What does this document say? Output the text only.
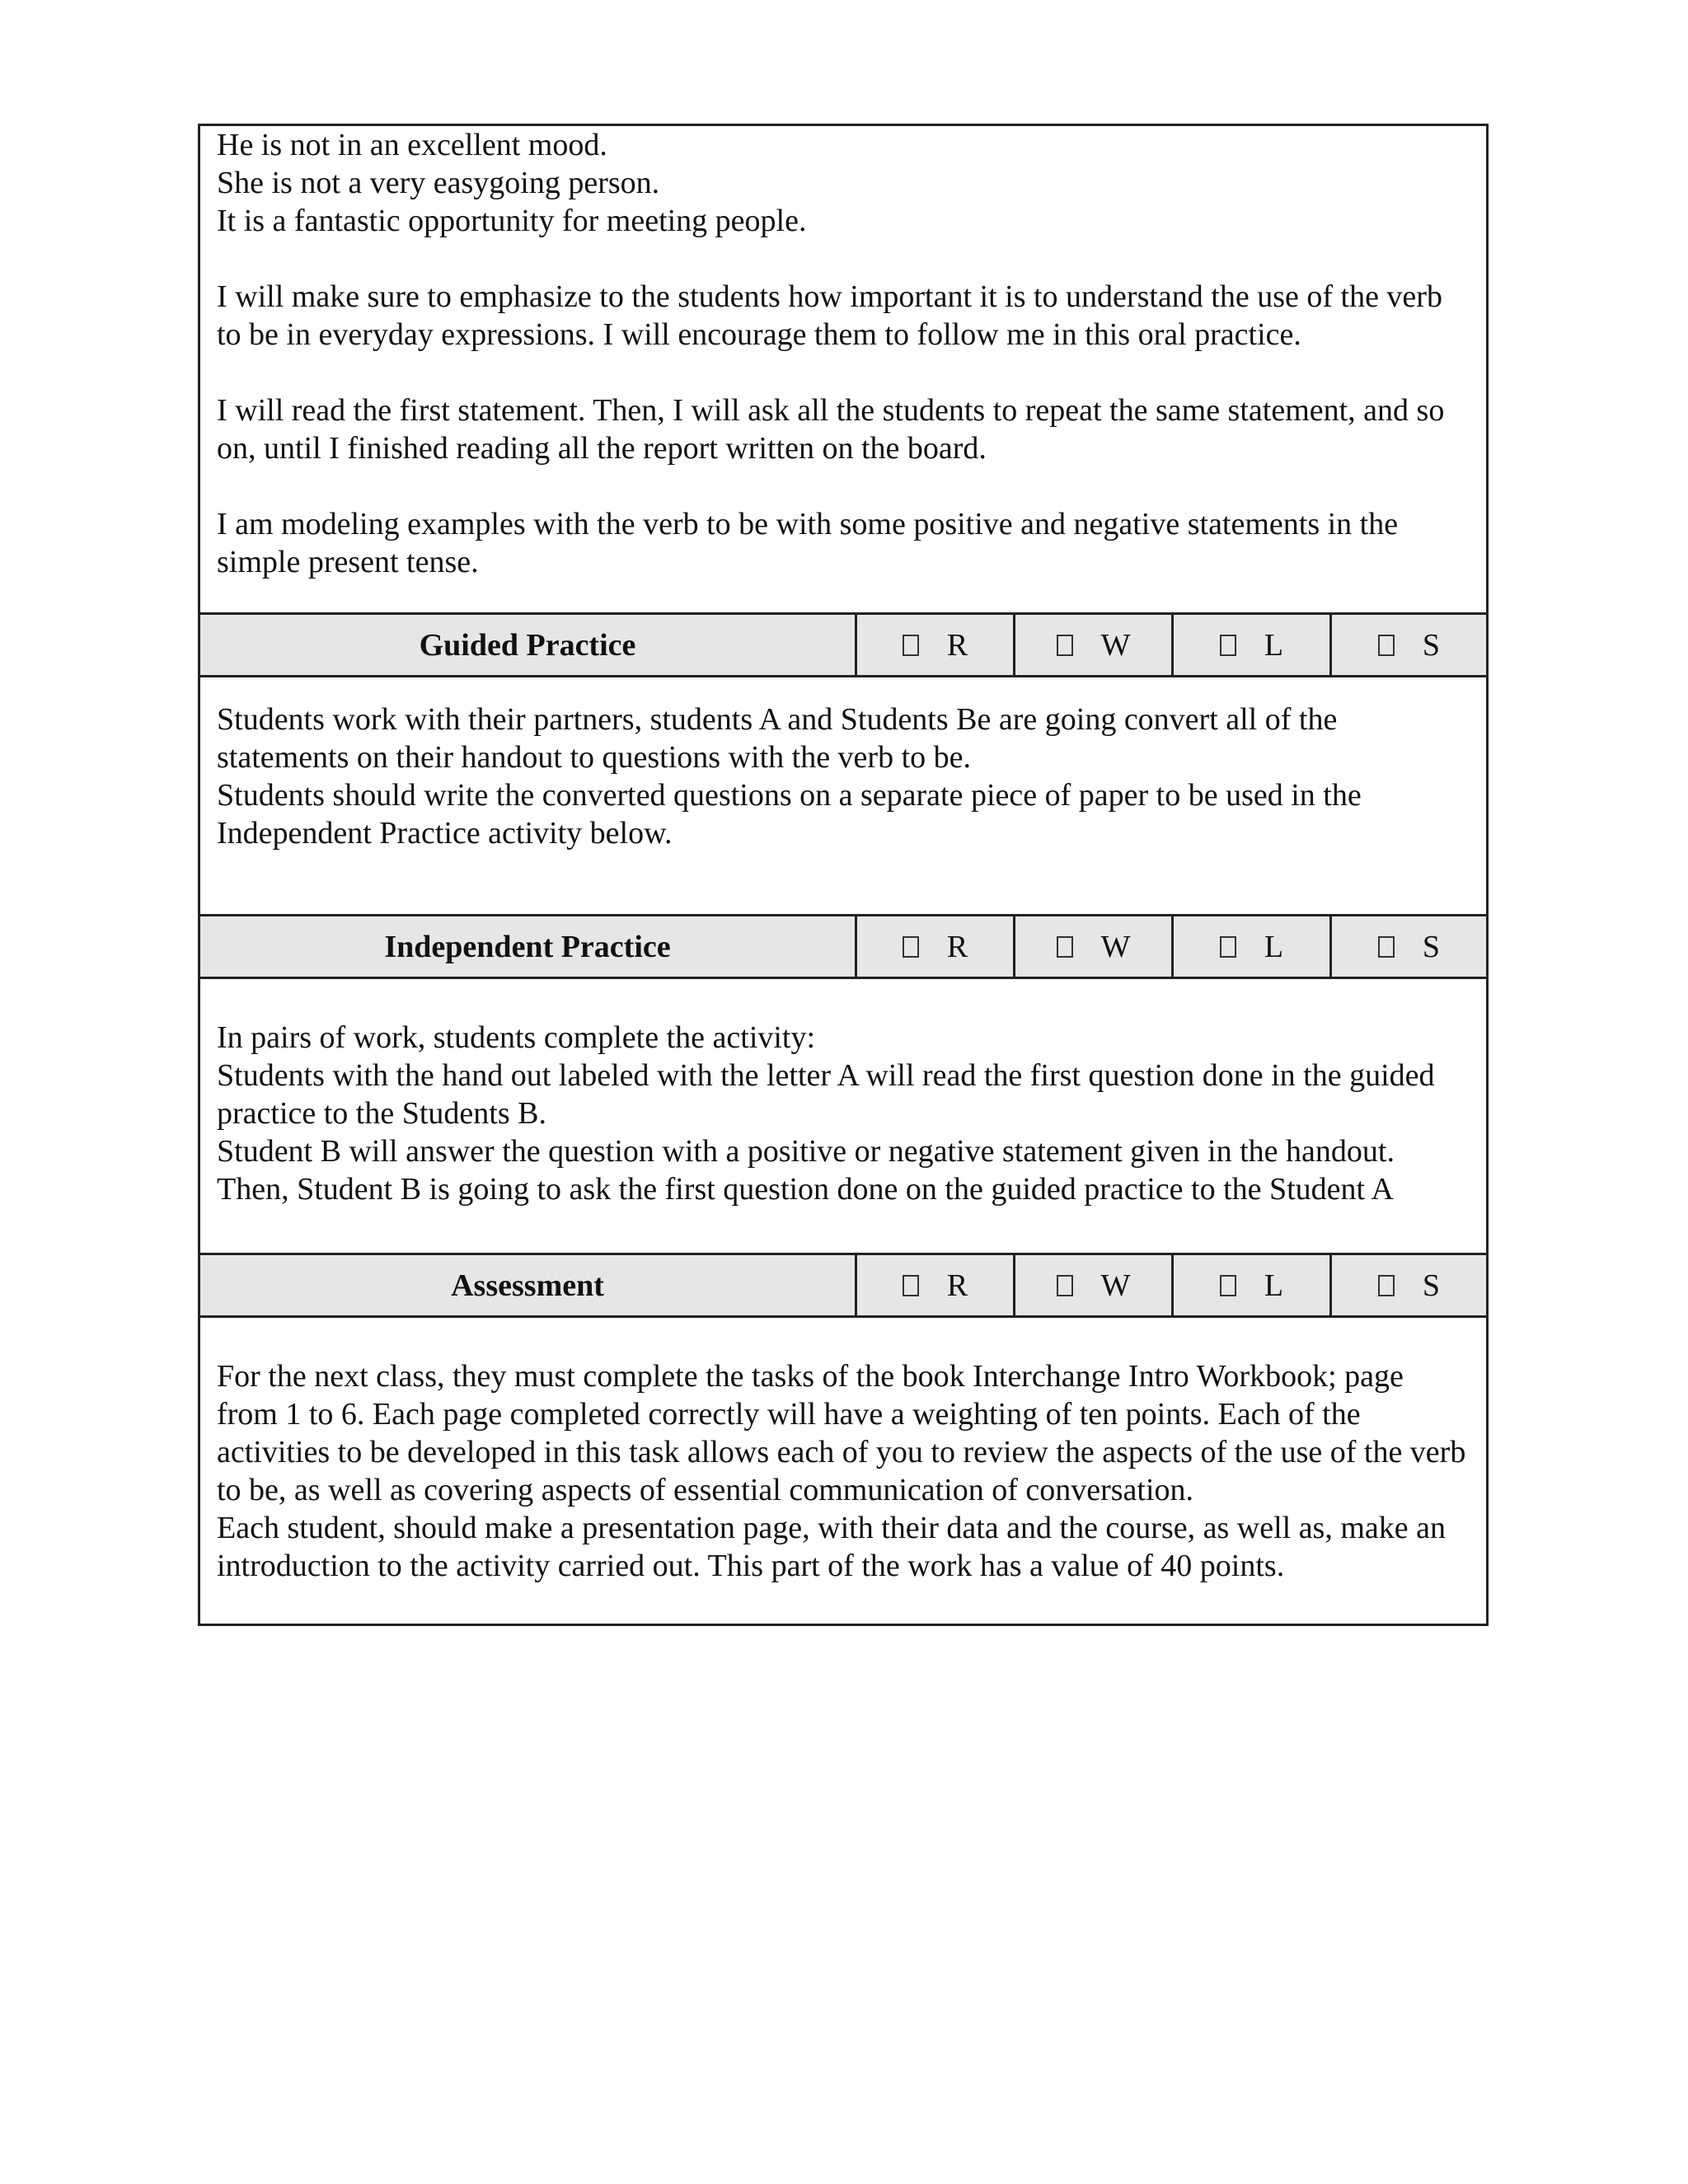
He is not in an excellent mood.
She is not a very easygoing person.
It is a fantastic opportunity for meeting people.

I will make sure to emphasize to the students how important it is to understand the use of the verb to be in everyday expressions. I will encourage them to follow me in this oral practice.

I will read the first statement. Then, I will ask all the students to repeat the same statement, and so on, until I finished reading all the report written on the board.

I am modeling examples with the verb to be with some positive and negative statements in the simple present tense.

Guided Practice	R	W	L	S

Students work with their partners, students A and Students Be are going convert all of the statements on their handout to questions with the verb to be.

Students should write the converted questions on a separate piece of paper to be used in the Independent Practice activity below.

Independent Practice	R	W	L	S

In pairs of work, students complete the activity:

Students with the hand out labeled with the letter A will read the first question done in the guided practice to the Students B.

Student B will answer the question with a positive or negative statement given in the handout.

Then, Student B is going to ask the first question done on the guided practice to the Student A

Assessment	R	W	L	S

For the next class, they must complete the tasks of the book Interchange Intro Workbook; page from 1 to 6. Each page completed correctly will have a weighting of ten points. Each of the activities to be developed in this task allows each of you to review the aspects of the use of the verb to be, as well as covering aspects of essential communication of conversation.

Each student, should make a presentation page, with their data and the course, as well as, make an introduction to the activity carried out. This part of the work has a value of 40 points.
